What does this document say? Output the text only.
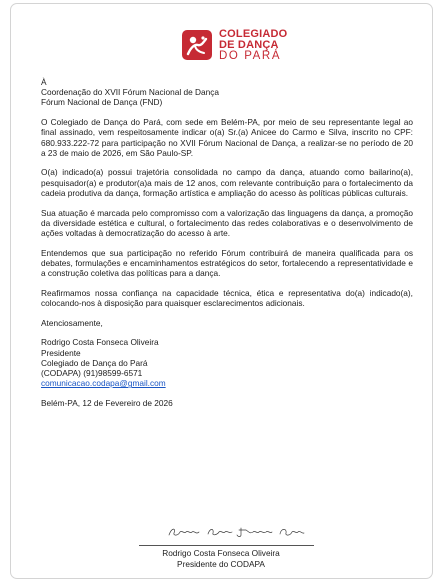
COLEGIADO
DE DANÇA
DO PARÁ

À

Coordenação do XVII Fórum Nacional de Dança

Fórum Nacional de Dança (FND)

O Colegiado de Dança do Pará, com sede em Belém-PA, por meio de seu representante legal ao final assinado, vem respeitosamente indicar o(a) Sr.(a) Anicee do Carmo e Silva, inscrito no CPF: 680.933.222-72 para participação no XVII Fórum Nacional de Dança, a realizar-se no período de 20 a 23 de maio de 2026, em São Paulo-SP.

O(a) indicado(a) possui trajetória consolidada no campo da dança, atuando como bailarino(a), pesquisador(a) e produtor(a)a mais de 12 anos, com relevante contribuição para o fortalecimento da cadeia produtiva da dança, formação artística e ampliação do acesso às políticas públicas culturais.

Sua atuação é marcada pelo compromisso com a valorização das linguagens da dança, a promoção da diversidade estética e cultural, o fortalecimento das redes colaborativas e o desenvolvimento de ações voltadas à democratização do acesso à arte.

Entendemos que sua participação no referido Fórum contribuirá de maneira qualificada para os debates, formulações e encaminhamentos estratégicos do setor, fortalecendo a representatividade e a construção coletiva das políticas para a dança.

Reafirmamos nossa confiança na capacidade técnica, ética e representativa do(a) indicado(a), colocando-nos à disposição para quaisquer esclarecimentos adicionais.

Atenciosamente,

Rodrigo Costa Fonseca Oliveira

Presidente

Colegiado de Dança do Pará

(CODAPA) (91)98599-6571

comunicacao.codapa@gmail.com

Belém-PA, 12 de Fevereiro de 2026

Rodrigo Costa Fonseca Oliveira
Presidente do CODAPA
